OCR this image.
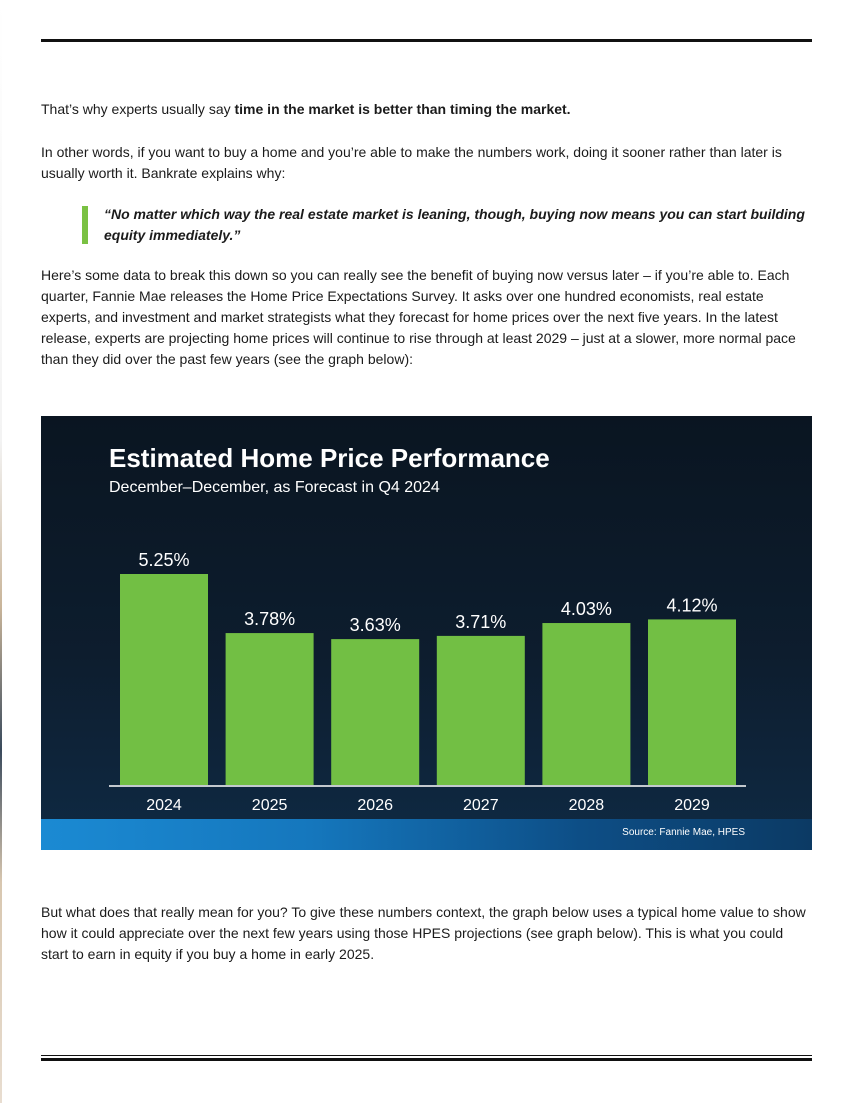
That’s why experts usually say time in the market is better than timing the market.

In other words, if you want to buy a home and you’re able to make the numbers work, doing it sooner rather than later is usually worth it. Bankrate explains why:

“No matter which way the real estate market is leaning, though, buying now means you can start building equity immediately.”

Here’s some data to break this down so you can really see the benefit of buying now versus later – if you’re able to. Each quarter, Fannie Mae releases the Home Price Expectations Survey. It asks over one hundred economists, real estate experts, and investment and market strategists what they forecast for home prices over the next five years. In the latest release, experts are projecting home prices will continue to rise through at least 2029 – just at a slower, more normal pace than they did over the past few years (see the graph below):

Estimated Home Price Performance

December–December, as Forecast in Q4 2024

5.25%
2024
3.78%
2025
3.63%
2026
3.71%
2027
4.03%
2028
4.12%
2029
Source: Fannie Mae, HPES

But what does that really mean for you? To give these numbers context, the graph below uses a typical home value to show how it could appreciate over the next few years using those HPES projections (see graph below). This is what you could start to earn in equity if you buy a home in early 2025.
